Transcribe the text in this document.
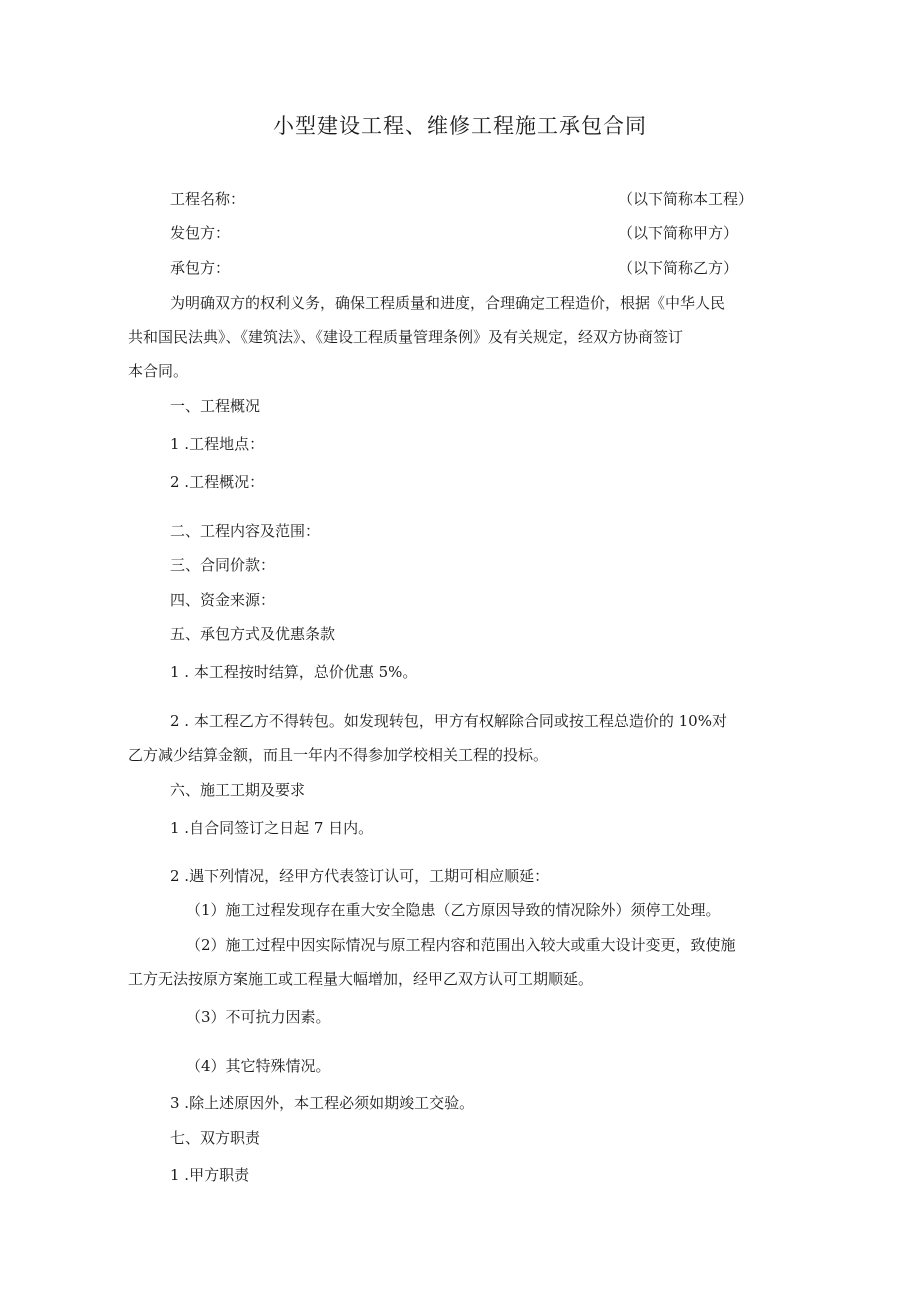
小型建设工程、维修工程施工承包合同
工程名称：	（以下简称本工程）
发包方：	（以下简称甲方）
承包方：	（以下简称乙方）
为明确双方的权利义务，确保工程质量和进度，合理确定工程造价，根据《中华人民
共和国民法典》、《建筑法》、《建设工程质量管理条例》及有关规定，经双方协商签订
本合同。
一、工程概况
1 .工程地点：
2 .工程概况：
二、工程内容及范围：
三、合同价款：
四、资金来源：
五、承包方式及优惠条款
1 . 本工程按时结算，总价优惠 5%。
2 . 本工程乙方不得转包。如发现转包，甲方有权解除合同或按工程总造价的 10%对
乙方减少结算金额，而且一年内不得参加学校相关工程的投标。
六、施工工期及要求
1 .自合同签订之日起 7 日内。
2 .遇下列情况，经甲方代表签订认可，工期可相应顺延：
（1）施工过程发现存在重大安全隐患（乙方原因导致的情况除外）须停工处理。
（2）施工过程中因实际情况与原工程内容和范围出入较大或重大设计变更，致使施
工方无法按原方案施工或工程量大幅增加，经甲乙双方认可工期顺延。
（3）不可抗力因素。
（4）其它特殊情况。
3 .除上述原因外，本工程必须如期竣工交验。
七、双方职责
1 .甲方职责
